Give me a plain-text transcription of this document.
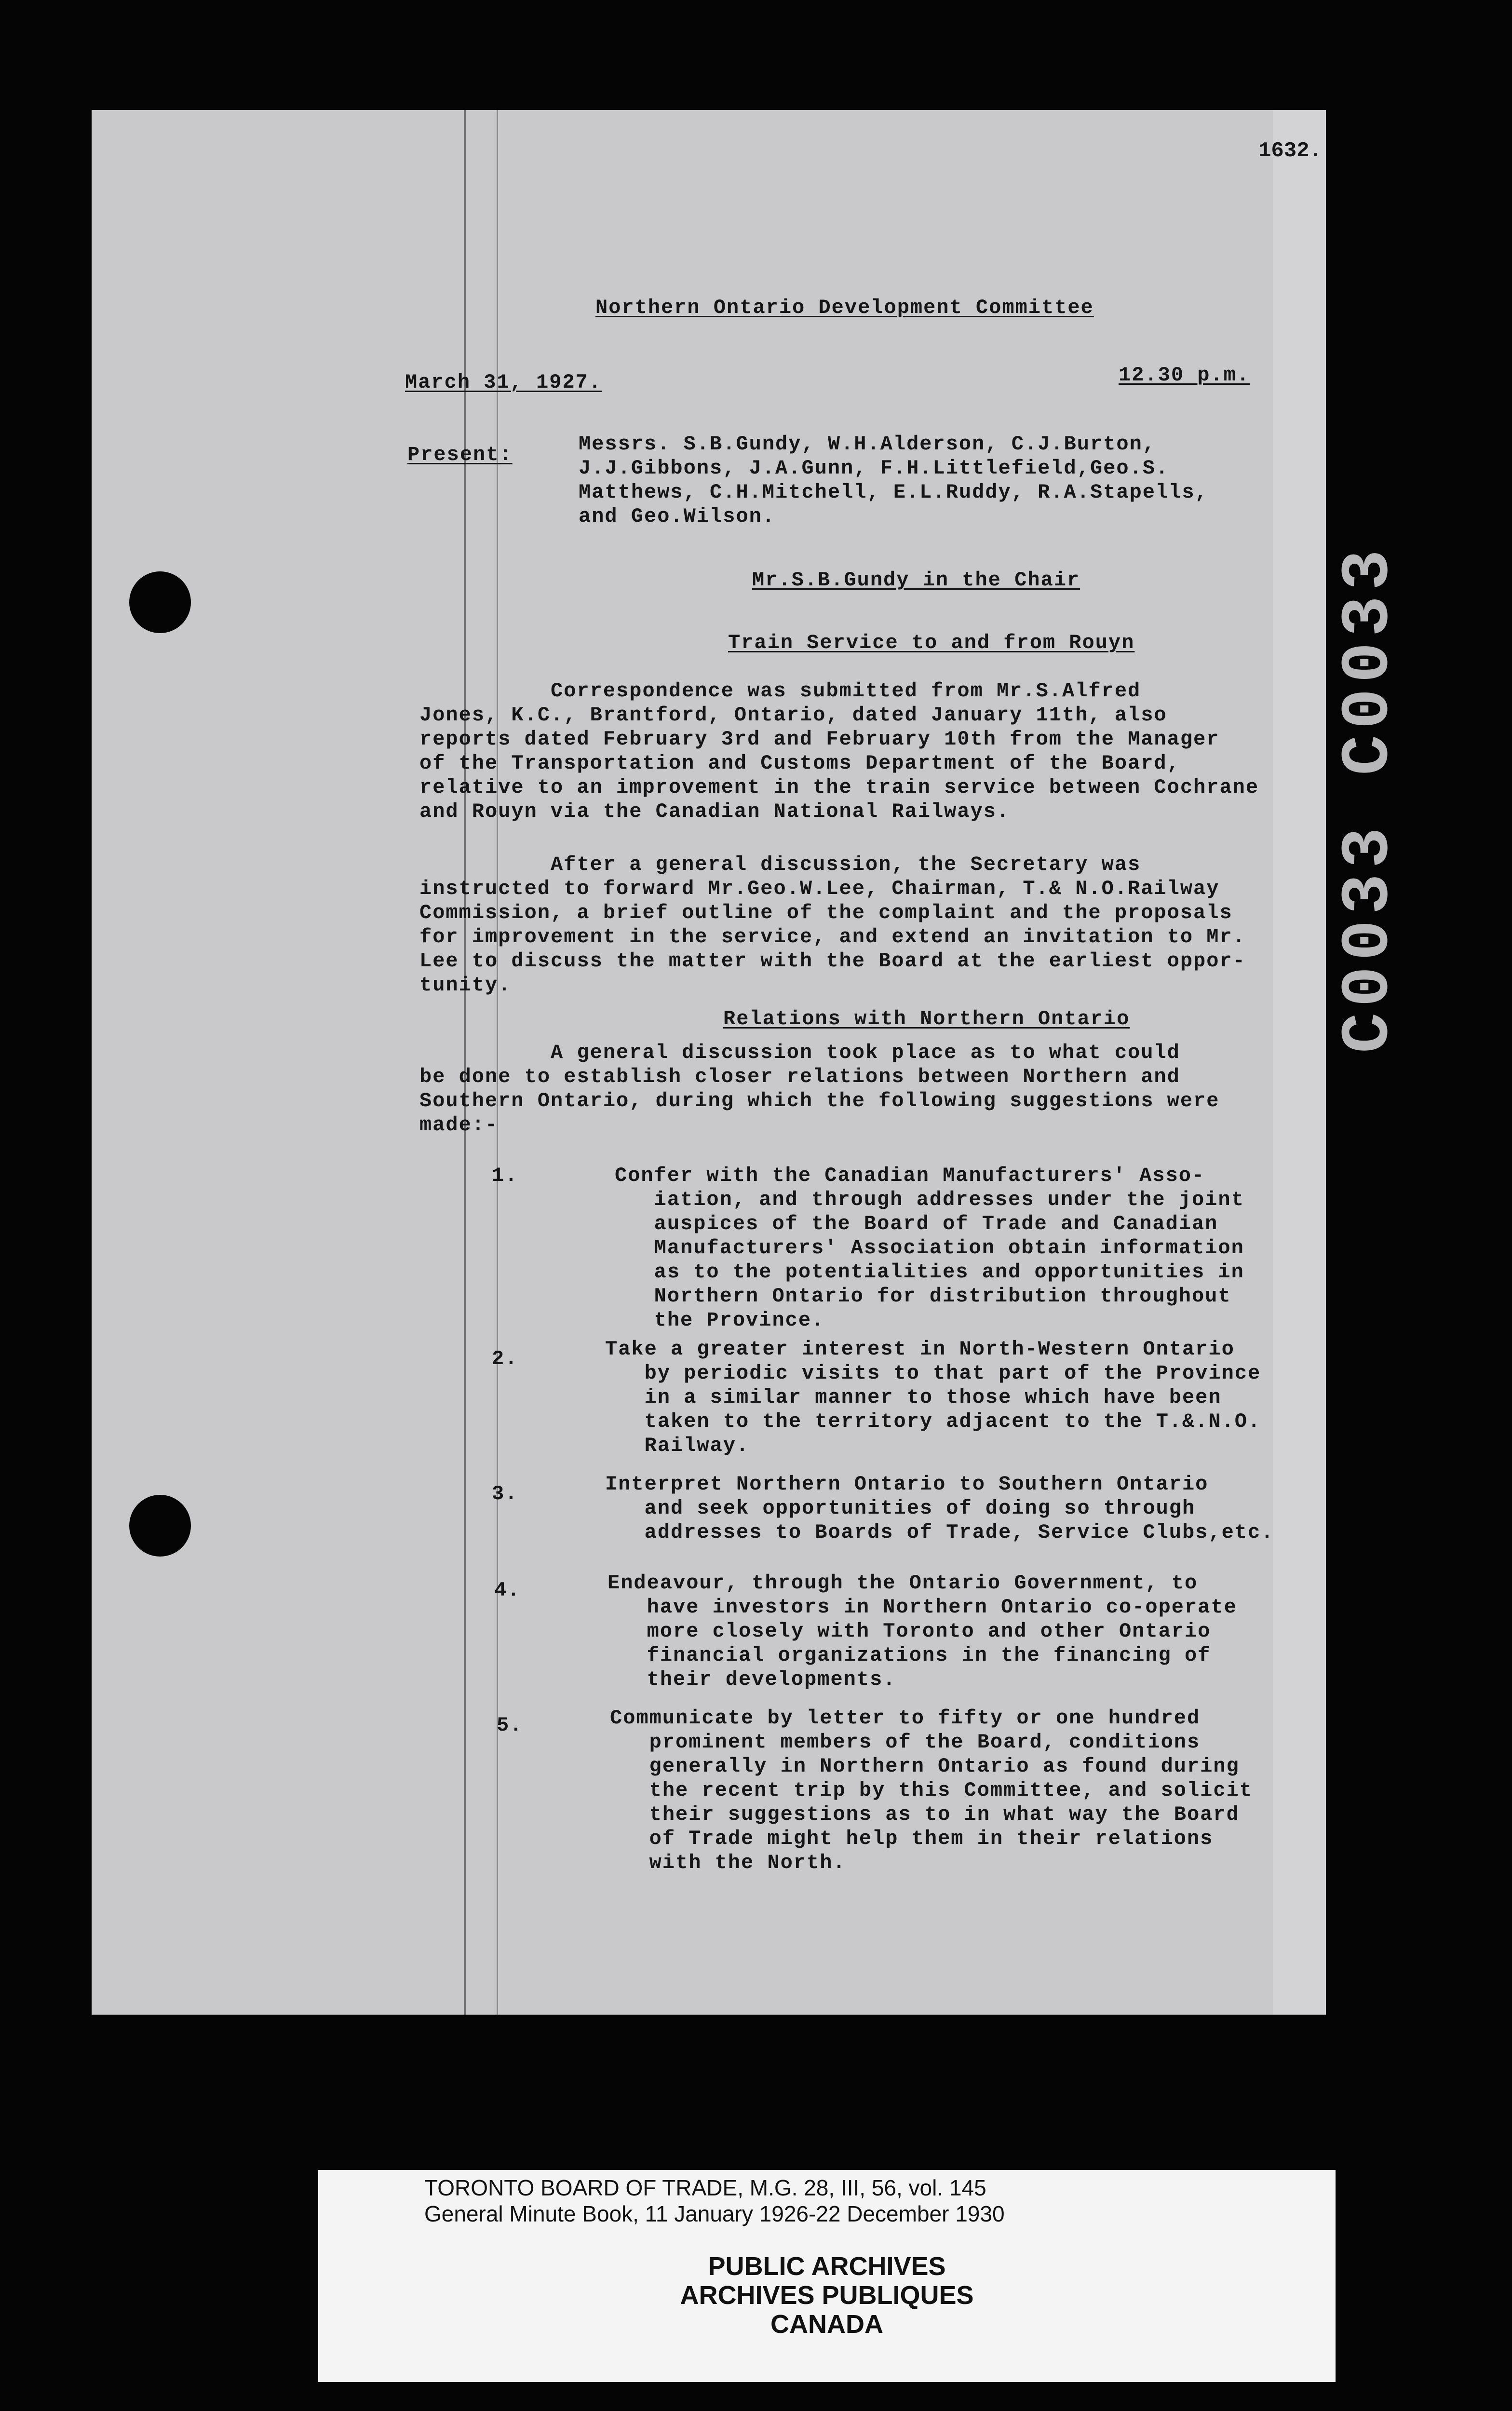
C0033 C0033
1632.
Northern Ontario Development Committee
March 31, 1927.	12.30 p.m.
Present:	Messrs. S.B.Gundy, W.H.Alderson, C.J.Burton,
J.J.Gibbons, J.A.Gunn, F.H.Littlefield,Geo.S.
Matthews, C.H.Mitchell, E.L.Ruddy, R.A.Stapells,
and Geo.Wilson.
Mr.S.B.Gundy in the Chair
Train Service to and from Rouyn
Correspondence was submitted from Mr.S.Alfred
Jones, K.C., Brantford, Ontario, dated January 11th, also
reports dated February 3rd and February 10th from the Manager
of the Transportation and Customs Department of the Board,
relative to an improvement in the train service between Cochrane
and Rouyn via the Canadian National Railways.
After a general discussion, the Secretary was
instructed to forward Mr.Geo.W.Lee, Chairman, T.& N.O.Railway
Commission, a brief outline of the complaint and the proposals
for improvement in the service, and extend an invitation to Mr.
Lee to discuss the matter with the Board at the earliest oppor-
tunity.
Relations with Northern Ontario
A general discussion took place as to what could
be done to establish closer relations between Northern and
Southern Ontario, during which the following suggestions were
made:-
1.	Confer with the Canadian Manufacturers' Asso-
iation, and through addresses under the joint
auspices of the Board of Trade and Canadian
Manufacturers' Association obtain information
as to the potentialities and opportunities in
Northern Ontario for distribution throughout
the Province.
2.	Take a greater interest in North-Western Ontario
by periodic visits to that part of the Province
in a similar manner to those which have been
taken to the territory adjacent to the T.&.N.O.
Railway.
3.	Interpret Northern Ontario to Southern Ontario
and seek opportunities of doing so through
addresses to Boards of Trade, Service Clubs,etc.
4.	Endeavour, through the Ontario Government, to
have investors in Northern Ontario co-operate
more closely with Toronto and other Ontario
financial organizations in the financing of
their developments.
5.	Communicate by letter to fifty or one hundred
prominent members of the Board, conditions
generally in Northern Ontario as found during
the recent trip by this Committee, and solicit
their suggestions as to in what way the Board
of Trade might help them in their relations
with the North.
TORONTO BOARD OF TRADE, M.G. 28, III, 56, vol. 145
General Minute Book, 11 January 1926-22 December 1930
PUBLIC ARCHIVES
ARCHIVES PUBLIQUES
CANADA
